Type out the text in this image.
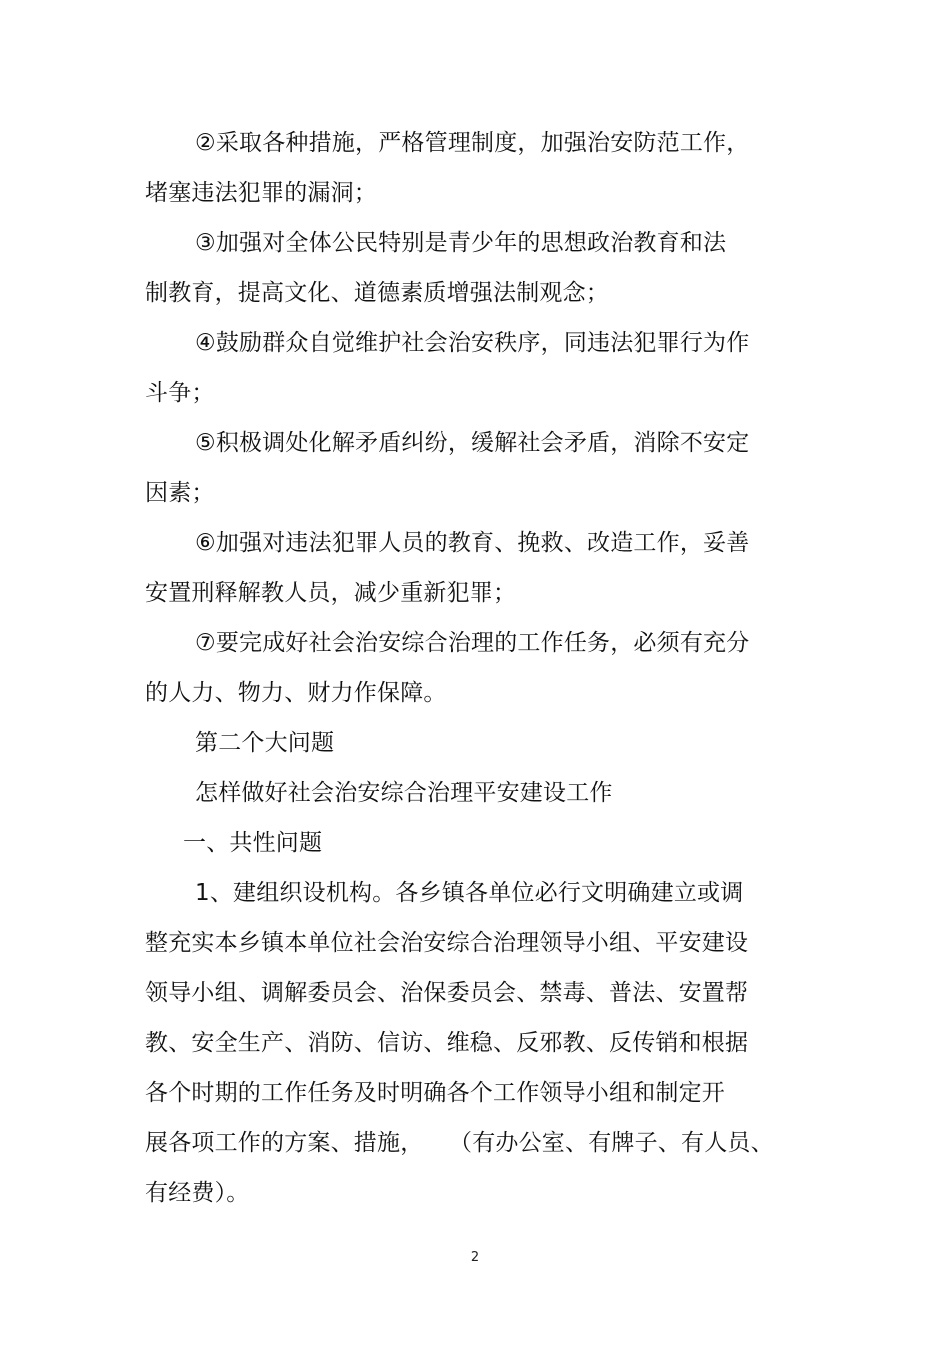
②采取各种措施，严格管理制度，加强治安防范工作，
堵塞违法犯罪的漏洞；
③加强对全体公民特别是青少年的思想政治教育和法
制教育，提高文化、道德素质增强法制观念；
④鼓励群众自觉维护社会治安秩序，同违法犯罪行为作
斗争；
⑤积极调处化解矛盾纠纷，缓解社会矛盾，消除不安定
因素；
⑥加强对违法犯罪人员的教育、挽救、改造工作，妥善
安置刑释解教人员，减少重新犯罪；
⑦要完成好社会治安综合治理的工作任务，必须有充分
的人力、物力、财力作保障。
第二个大问题
怎样做好社会治安综合治理平安建设工作
一、共性问题
1、建组织设机构。各乡镇各单位必行文明确建立或调
整充实本乡镇本单位社会治安综合治理领导小组、平安建设
领导小组、调解委员会、治保委员会、禁毒、普法、安置帮
教、安全生产、消防、信访、维稳、反邪教、反传销和根据
各个时期的工作任务及时明确各个工作领导小组和制定开
展各项工作的方案、措施， （有办公室、有牌子、有人员、
有经费）。
2
